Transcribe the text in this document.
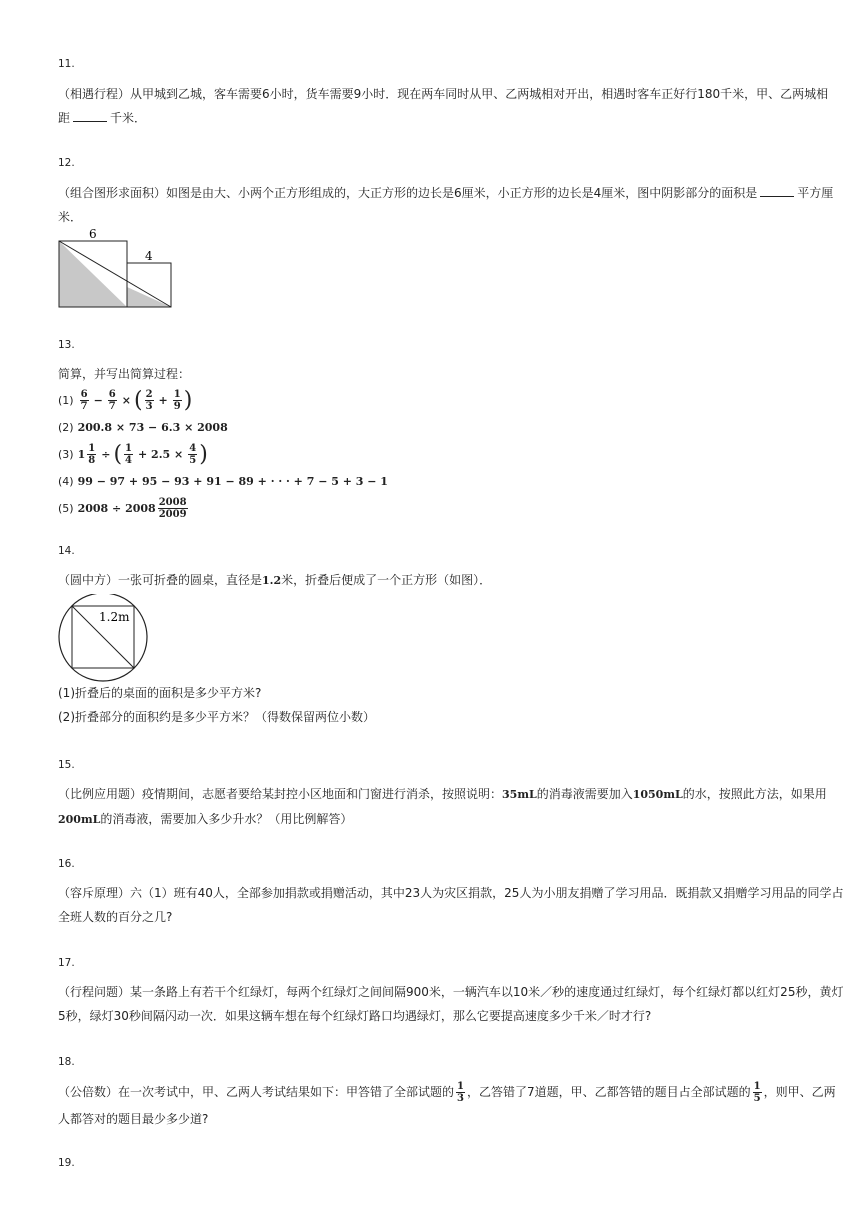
11.
（相遇行程）从甲城到乙城，客车需要6小时，货车需要9小时．现在两车同时从甲、乙两城相对开出，相遇时客车正好行180千米，甲、乙两城相
距	千米．
12.
（组合图形求面积）如图是由大、小两个正方形组成的，大正方形的边长是6厘米，小正方形的边长是4厘米，图中阴影部分的面积是	平方厘
米．
6
4
13.
简算，并写出简算过程：
$(1) \frac{6}{7} - \frac{6}{7}$ × ( $\frac{2}{3} + \frac{1}{9}$ )
(2) 200.8 × 73 − 6.3 × 2008
(3) $1 \frac{1}{8}$ ÷ ( $\frac{1}{4} + 2.5 \times \frac{4}{5}$ )
(4) 99 − 97 + 95 − 93 + 91 − 89 + · · · + 7 − 5 + 3 − 1
(5) $2008 \div 2008 \frac{2008}{2009}$
14.
（圆中方）一张可折叠的圆桌，直径是1.2米，折叠后便成了一个正方形（如图）．
1.2m
(1)折叠后的桌面的面积是多少平方米?
(2)折叠部分的面积约是多少平方米？（得数保留两位小数）
15.
（比例应用题）疫情期间，志愿者要给某封控小区地面和门窗进行消杀，按照说明：35mL的消毒液需要加入1050mL的水，按照此方法，如果用
200mL的消毒液，需要加入多少升水？（用比例解答）
16.
（容斥原理）六（1）班有40人，全部参加捐款或捐赠活动，其中23人为灾区捐款，25人为小朋友捐赠了学习用品．既捐款又捐赠学习用品的同学占
全班人数的百分之几?
17.
（行程问题）某一条路上有若干个红绿灯，每两个红绿灯之间间隔900米，一辆汽车以10米／秒的速度通过红绿灯，每个红绿灯都以红灯25秒，黄灯
5秒，绿灯30秒间隔闪动一次．如果这辆车想在每个红绿灯路口均遇绿灯，那么它要提高速度多少千米／时才行?
18.
（公倍数）在一次考试中，甲、乙两人考试结果如下：甲答错了全部试题的 $\frac{1}{3}$ ，乙答错了7道题，甲、乙都答错的题目占全部试题的 $\frac{1}{5}$ ，则甲、乙两
人都答对的题目最少多少道?
19.
